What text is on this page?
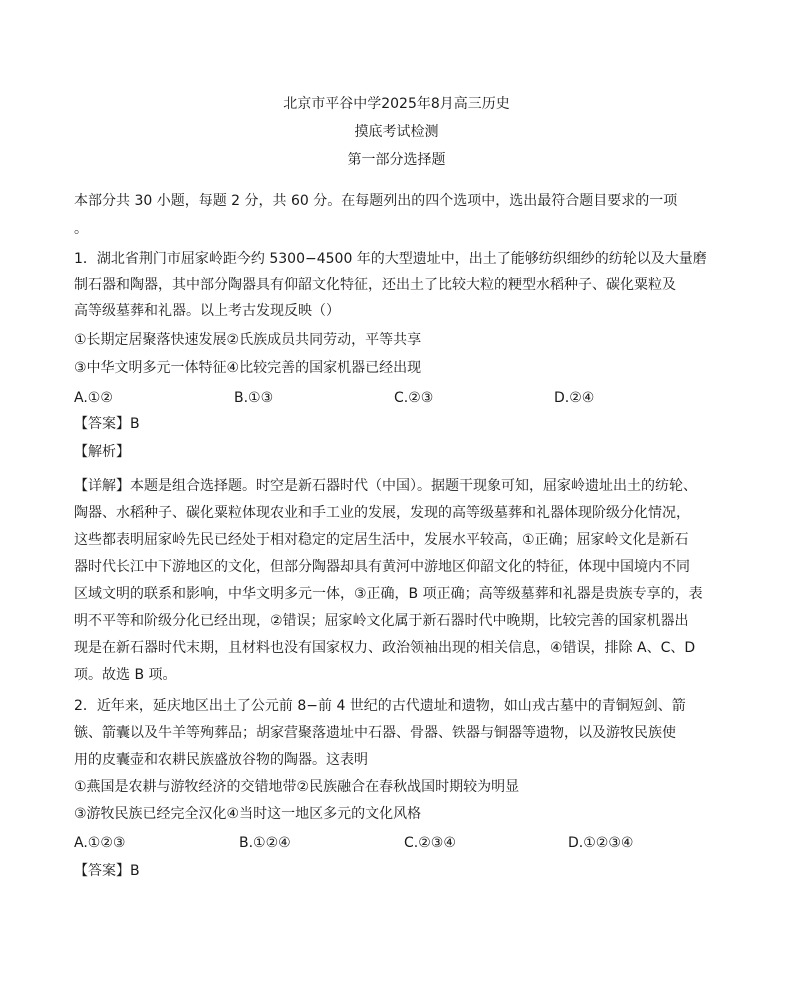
北京市平谷中学2025年8月高三历史
摸底考试检测
第一部分选择题
本部分共 30 小题，每题 2 分，共 60 分。在每题列出的四个选项中，选出最符合题目要求的一项
。
1．湖北省荆门市屈家岭距今约 5300−4500 年的大型遗址中，出土了能够纺织细纱的纺轮以及大量磨
制石器和陶器，其中部分陶器具有仰韶文化特征，还出土了比较大粒的粳型水稻种子、碳化粟粒及
高等级墓葬和礼器。以上考古发现反映（）
①长期定居聚落快速发展②氏族成员共同劳动，平等共享
③中华文明多元一体特征④比较完善的国家机器已经出现
A.①②	B.①③	C.②③	D.②④
【答案】B
【解析】
【详解】本题是组合选择题。时空是新石器时代（中国）。据题干现象可知，屈家岭遗址出土的纺轮、
陶器、水稻种子、碳化粟粒体现农业和手工业的发展，发现的高等级墓葬和礼器体现阶级分化情况，
这些都表明屈家岭先民已经处于相对稳定的定居生活中，发展水平较高，①正确；屈家岭文化是新石
器时代长江中下游地区的文化，但部分陶器却具有黄河中游地区仰韶文化的特征，体现中国境内不同
区域文明的联系和影响，中华文明多元一体，③正确，B 项正确；高等级墓葬和礼器是贵族专享的，表
明不平等和阶级分化已经出现，②错误；屈家岭文化属于新石器时代中晚期，比较完善的国家机器出
现是在新石器时代末期，且材料也没有国家权力、政治领袖出现的相关信息，④错误，排除 A、C、D
项。故选 B 项。
2．近年来，延庆地区出土了公元前 8−前 4 世纪的古代遗址和遗物，如山戎古墓中的青铜短剑、箭
镞、箭囊以及牛羊等殉葬品；胡家营聚落遗址中石器、骨器、铁器与铜器等遗物，以及游牧民族使
用的皮囊壶和农耕民族盛放谷物的陶器。这表明
①燕国是农耕与游牧经济的交错地带②民族融合在春秋战国时期较为明显
③游牧民族已经完全汉化④当时这一地区多元的文化风格
A.①②③	B.①②④	C.②③④	D.①②③④
【答案】B
